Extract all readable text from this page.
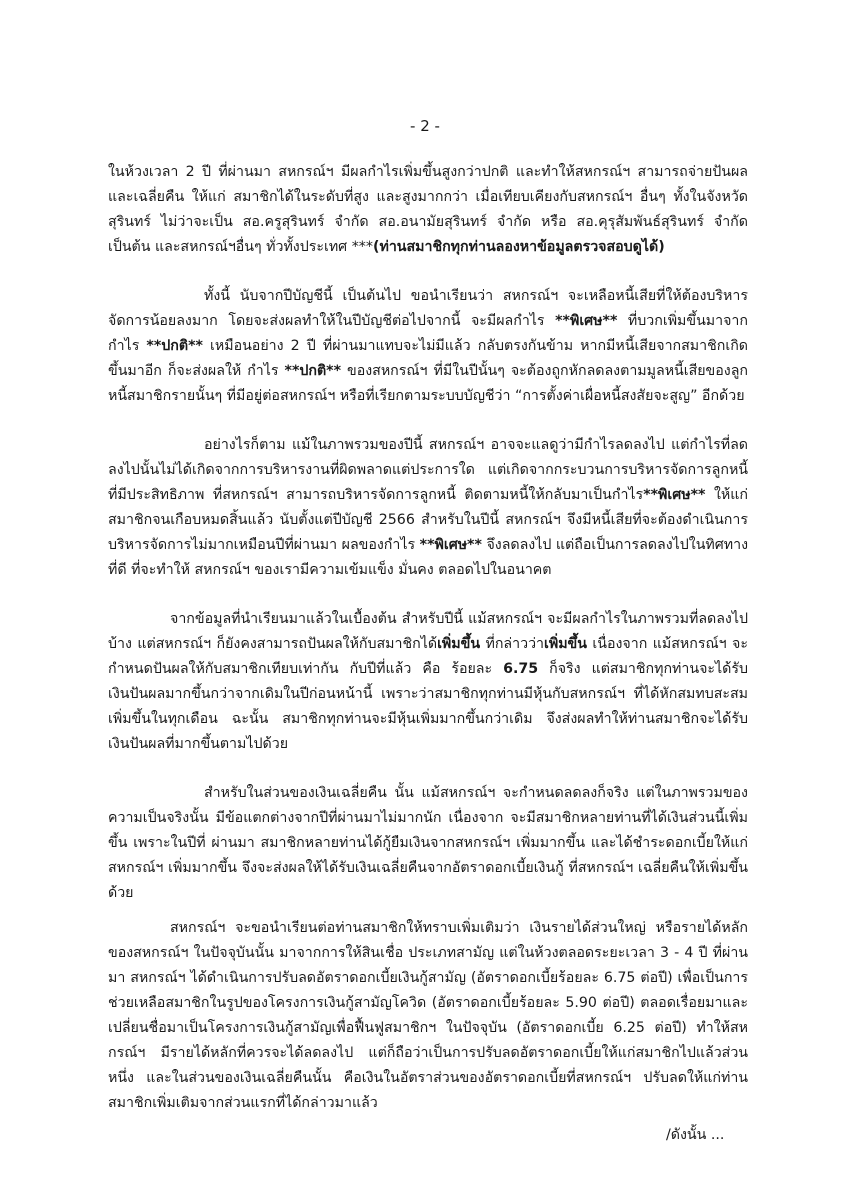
- 2 -

ในห้วงเวลา 2 ปี ที่ผ่านมา สหกรณ์ฯ มีผลกำไรเพิ่มขึ้นสูงกว่าปกติ และทำให้สหกรณ์ฯ สามารถจ่ายปันผล และเฉลี่ยคืน ให้แก่ สมาชิกได้ในระดับที่สูง และสูงมากกว่า เมื่อเทียบเคียงกับสหกรณ์ฯ อื่นๆ ทั้งในจังหวัดสุรินทร์ ไม่ว่าจะเป็น สอ.ครูสุรินทร์ จำกัด สอ.อนามัยสุรินทร์ จำกัด หรือ สอ.คุรุสัมพันธ์สุรินทร์ จำกัด เป็นต้น และสหกรณ์ฯอื่นๆ ทั่วทั้งประเทศ ***(ท่านสมาชิกทุกท่านลองหาข้อมูลตรวจสอบดูได้)

ทั้งนี้ นับจากปีบัญชีนี้ เป็นต้นไป ขอนำเรียนว่า สหกรณ์ฯ จะเหลือหนี้เสียที่ให้ต้องบริหารจัดการน้อยลงมาก โดยจะส่งผลทำให้ในปีบัญชีต่อไปจากนี้ จะมีผลกำไร **พิเศษ** ที่บวกเพิ่มขึ้นมาจากกำไร **ปกติ** เหมือนอย่าง 2 ปี ที่ผ่านมาแทบจะไม่มีแล้ว กลับตรงกันข้าม หากมีหนี้เสียจากสมาชิกเกิดขึ้นมาอีก ก็จะส่งผลให้ กำไร **ปกติ** ของสหกรณ์ฯ ที่มีในปีนั้นๆ จะต้องถูกหักลดลงตามมูลหนี้เสียของลูกหนี้สมาชิกรายนั้นๆ ที่มีอยู่ต่อสหกรณ์ฯ หรือที่เรียกตามระบบบัญชีว่า “การตั้งค่าเผื่อหนี้สงสัยจะสูญ” อีกด้วย

อย่างไรก็ตาม แม้ในภาพรวมของปีนี้ สหกรณ์ฯ อาจจะแลดูว่ามีกำไรลดลงไป แต่กำไรที่ลดลงไปนั้นไม่ได้เกิดจากการบริหารงานที่ผิดพลาดแต่ประการใด แต่เกิดจากกระบวนการบริหารจัดการลูกหนี้ที่มีประสิทธิภาพ ที่สหกรณ์ฯ สามารถบริหารจัดการลูกหนี้ ติดตามหนี้ให้กลับมาเป็นกำไร**พิเศษ** ให้แก่สมาชิกจนเกือบหมดสิ้นแล้ว นับตั้งแต่ปีบัญชี 2566 สำหรับในปีนี้ สหกรณ์ฯ จึงมีหนี้เสียที่จะต้องดำเนินการบริหารจัดการไม่มากเหมือนปีที่ผ่านมา ผลของกำไร **พิเศษ** จึงลดลงไป แต่ถือเป็นการลดลงไปในทิศทางที่ดี ที่จะทำให้ สหกรณ์ฯ ของเรามีความเข้มแข็ง มั่นคง ตลอดไปในอนาคต

จากข้อมูลที่นำเรียนมาแล้วในเบื้องต้น สำหรับปีนี้ แม้สหกรณ์ฯ จะมีผลกำไรในภาพรวมที่ลดลงไปบ้าง แต่สหกรณ์ฯ ก็ยังคงสามารถปันผลให้กับสมาชิกได้เพิ่มขึ้น ที่กล่าวว่าเพิ่มขึ้น เนื่องจาก แม้สหกรณ์ฯ จะกำหนดปันผลให้กับสมาชิกเทียบเท่ากัน กับปีที่แล้ว คือ ร้อยละ 6.75 ก็จริง แต่สมาชิกทุกท่านจะได้รับเงินปันผลมากขึ้นกว่าจากเดิมในปีก่อนหน้านี้ เพราะว่าสมาชิกทุกท่านมีหุ้นกับสหกรณ์ฯ ที่ได้หักสมทบสะสมเพิ่มขึ้นในทุกเดือน ฉะนั้น สมาชิกทุกท่านจะมีหุ้นเพิ่มมากขึ้นกว่าเดิม จึงส่งผลทำให้ท่านสมาชิกจะได้รับเงินปันผลที่มากขึ้นตามไปด้วย

สำหรับในส่วนของเงินเฉลี่ยคืน นั้น แม้สหกรณ์ฯ จะกำหนดลดลงก็จริง แต่ในภาพรวมของความเป็นจริงนั้น มีข้อแตกต่างจากปีที่ผ่านมาไม่มากนัก เนื่องจาก จะมีสมาชิกหลายท่านที่ได้เงินส่วนนี้เพิ่มขึ้น เพราะในปีที่ ผ่านมา สมาชิกหลายท่านได้กู้ยืมเงินจากสหกรณ์ฯ เพิ่มมากขึ้น และได้ชำระดอกเบี้ยให้แก่สหกรณ์ฯ เพิ่มมากขึ้น จึงจะส่งผลให้ได้รับเงินเฉลี่ยคืนจากอัตราดอกเบี้ยเงินกู้ ที่สหกรณ์ฯ เฉลี่ยคืนให้เพิ่มขึ้นด้วย

สหกรณ์ฯ จะขอนำเรียนต่อท่านสมาชิกให้ทราบเพิ่มเติมว่า เงินรายได้ส่วนใหญ่ หรือรายได้หลักของสหกรณ์ฯ ในปัจจุบันนั้น มาจากการให้สินเชื่อ ประเภทสามัญ แต่ในห้วงตลอดระยะเวลา 3 - 4 ปี ที่ผ่านมา สหกรณ์ฯ ได้ดำเนินการปรับลดอัตราดอกเบี้ยเงินกู้สามัญ (อัตราดอกเบี้ยร้อยละ 6.75 ต่อปี) เพื่อเป็นการช่วยเหลือสมาชิกในรูปของโครงการเงินกู้สามัญโควิด (อัตราดอกเบี้ยร้อยละ 5.90 ต่อปี) ตลอดเรื่อยมาและเปลี่ยนชื่อมาเป็นโครงการเงินกู้สามัญเพื่อฟื้นฟูสมาชิกฯ ในปัจจุบัน (อัตราดอกเบี้ย 6.25 ต่อปี) ทำให้สหกรณ์ฯ มีรายได้หลักที่ควรจะได้ลดลงไป แต่ก็ถือว่าเป็นการปรับลดอัตราดอกเบี้ยให้แก่สมาชิกไปแล้วส่วนหนึ่ง และในส่วนของเงินเฉลี่ยคืนนั้น คือเงินในอัตราส่วนของอัตราดอกเบี้ยที่สหกรณ์ฯ ปรับลดให้แก่ท่านสมาชิกเพิ่มเติมจากส่วนแรกที่ได้กล่าวมาแล้ว

/ดังนั้น ...
